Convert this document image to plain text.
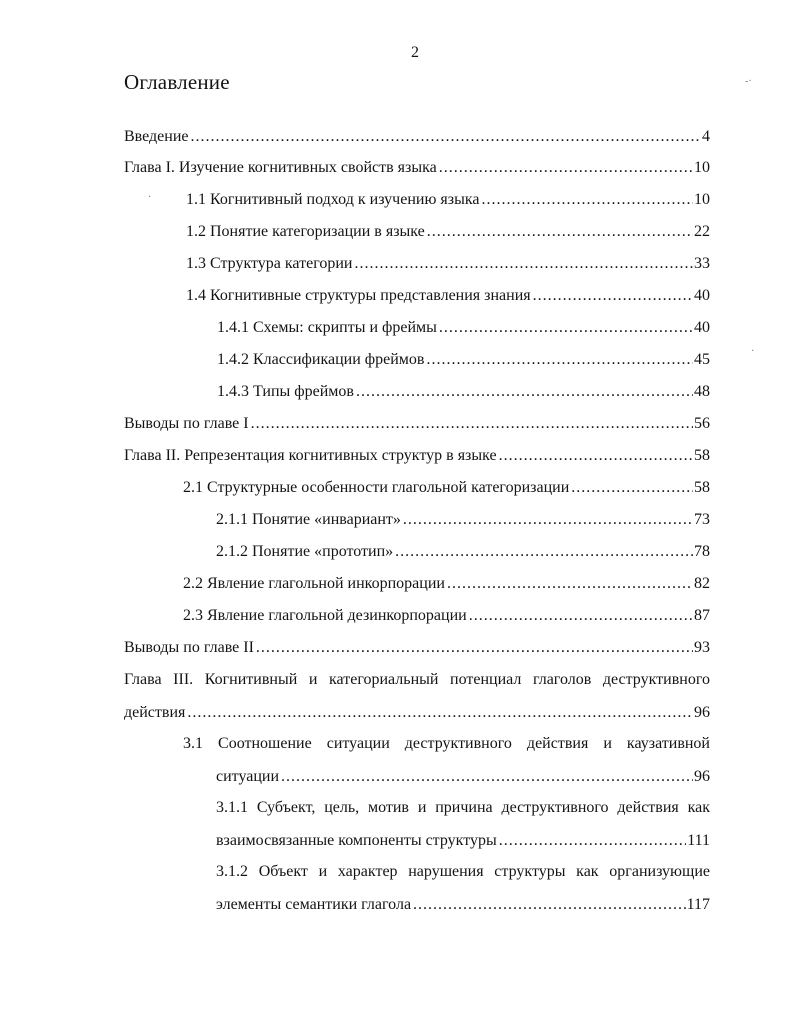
2
Оглавление	-·
·
·
Введение .....	4
Глава I. Изучение когнитивных свойств языка .....	10
1.1 Когнитивный подход к изучению языка .....	10
1.2 Понятие категоризации в языке .....	22
1.3 Структура категории .....	33
1.4 Когнитивные структуры представления знания .....	40
1.4.1 Схемы: скрипты и фреймы .....	40
1.4.2 Классификации фреймов .....	45
1.4.3 Типы фреймов .....	48
Выводы по главе I .....	56
Глава II. Репрезентация когнитивных структур в языке .....	58
2.1 Структурные особенности глагольной категоризации .....	58
2.1.1 Понятие «инвариант» .....	73
2.1.2 Понятие «прототип» .....	78
2.2 Явление глагольной инкорпорации .....	82
2.3 Явление глагольной дезинкорпорации .....	87
Выводы по главе II .....	93
Глава III. Когнитивный и категориальный потенциал глаголов деструктивного
действия .....	96
3.1 Соотношение ситуации деструктивного действия и каузативной
ситуации .....	96
3.1.1 Субъект, цель, мотив и причина деструктивного действия как
взаимосвязанные компоненты структуры .....	111
3.1.2 Объект и характер нарушения структуры как организующие
элементы семантики глагола .....	117
